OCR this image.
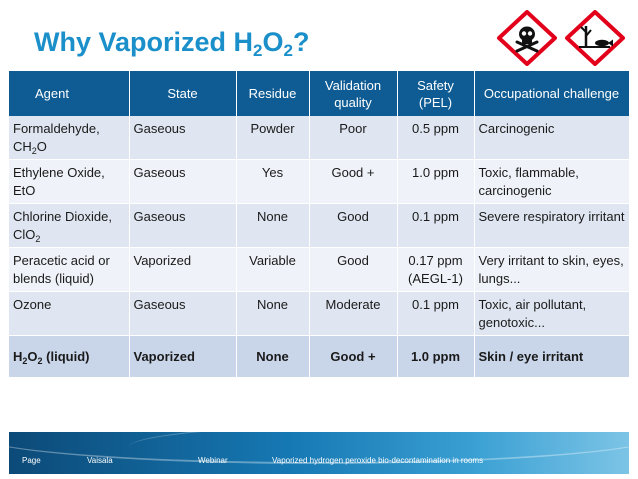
Why Vaporized $H_2O_2$?
Agent	State	Residue	Validation quality	Safety (PEL)	Occupational challenge
Formaldehyde, $CH_2O$	Gaseous	Powder	Poor	0.5 ppm	Carcinogenic
Ethylene Oxide, EtO	Gaseous	Yes	Good +	1.0 ppm	Toxic, flammable, carcinogenic
Chlorine Dioxide, ClO$_2$	Gaseous	None	Good	0.1 ppm	Severe respiratory irritant
Peracetic acid or blends (liquid)	Vaporized	Variable	Good	0.17 ppm (AEGL-1)	Very irritant to skin, eyes, lungs...
Ozone	Gaseous	None	Moderate	0.1 ppm	Toxic, air pollutant, genotoxic...
$H_2O_2$ (liquid)	Vaporized	None	Good +	1.0 ppm	Skin / eye irritant
Page	Vaisala	Webinar	Vaporized hydrogen peroxide bio-decontamination in rooms
